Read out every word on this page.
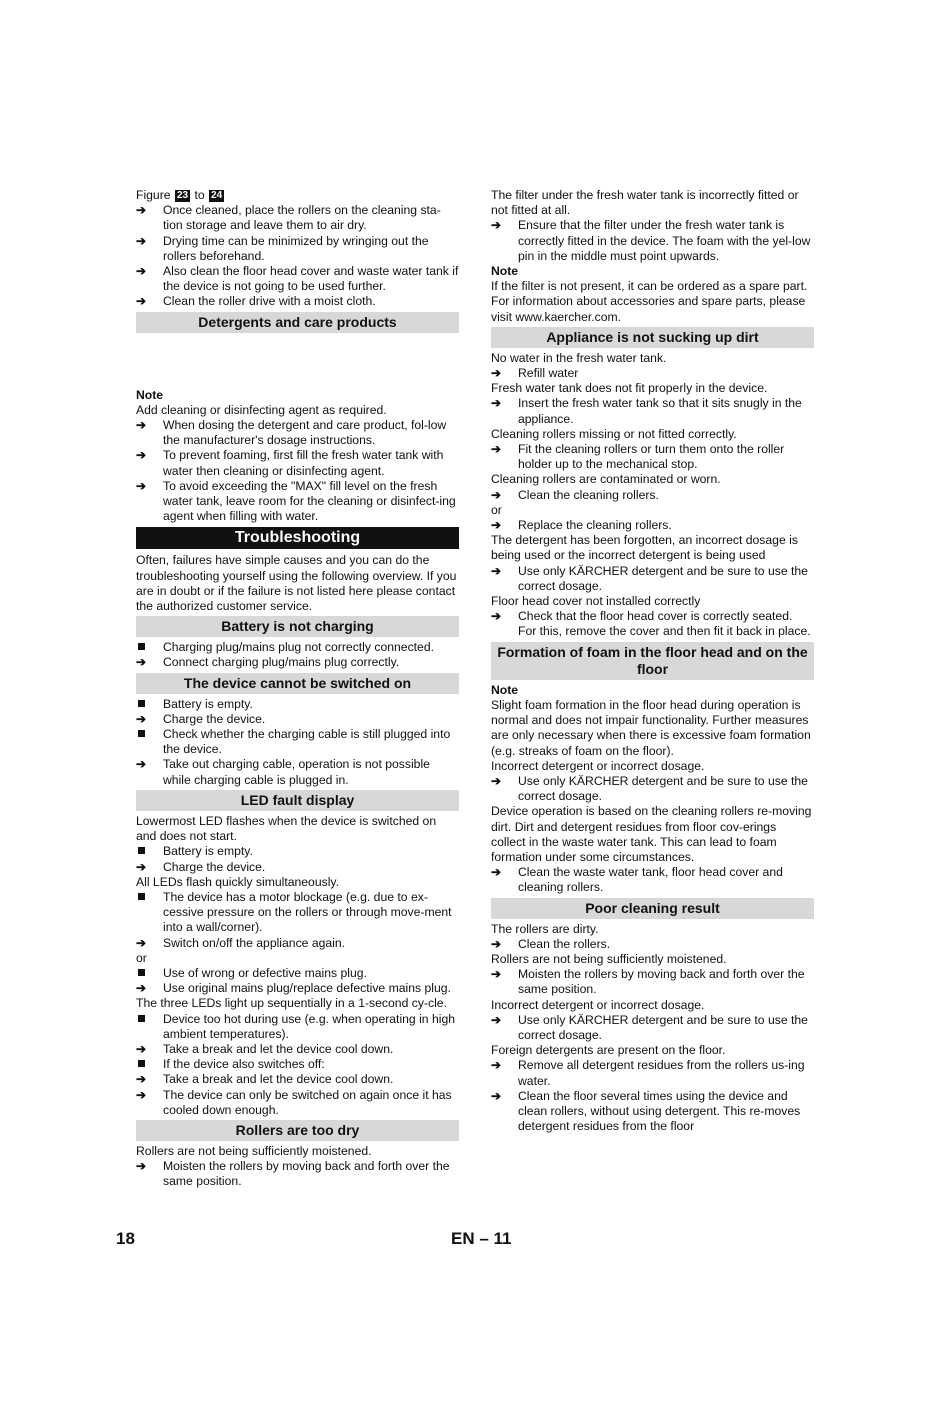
Figure 23 to 24

➔
Once cleaned, place the rollers on the cleaning sta-tion storage and leave them to air dry.

➔
Drying time can be minimized by wringing out the rollers beforehand.

➔
Also clean the floor head cover and waste water tank if the device is not going to be used further.

➔
Clean the roller drive with a moist cloth.

Detergents and care products

Note

Add cleaning or disinfecting agent as required.

➔
When dosing the detergent and care product, fol-low the manufacturer's dosage instructions.

➔
To prevent foaming, first fill the fresh water tank with water then cleaning or disinfecting agent.

➔
To avoid exceeding the "MAX" fill level on the fresh water tank, leave room for the cleaning or disinfect-ing agent when filling with water.

Troubleshooting

Often, failures have simple causes and you can do the troubleshooting yourself using the following overview. If you are in doubt or if the failure is not listed here please contact the authorized customer service.

Battery is not charging

Charging plug/mains plug not correctly connected.

➔
Connect charging plug/mains plug correctly.

The device cannot be switched on

Battery is empty.

➔
Charge the device.

Check whether the charging cable is still plugged into the device.

➔
Take out charging cable, operation is not possible while charging cable is plugged in.

LED fault display

Lowermost LED flashes when the device is switched on and does not start.

Battery is empty.

➔
Charge the device.

All LEDs flash quickly simultaneously.

The device has a motor blockage (e.g. due to ex-cessive pressure on the rollers or through move-ment into a wall/corner).

➔
Switch on/off the appliance again.

or

Use of wrong or defective mains plug.

➔
Use original mains plug/replace defective mains plug.

The three LEDs light up sequentially in a 1-second cy-cle.

Device too hot during use (e.g. when operating in high ambient temperatures).

➔
Take a break and let the device cool down.

If the device also switches off:

➔
Take a break and let the device cool down.

➔
The device can only be switched on again once it has cooled down enough.

Rollers are too dry

Rollers are not being sufficiently moistened.

➔
Moisten the rollers by moving back and forth over the same position.

The filter under the fresh water tank is incorrectly fitted or not fitted at all.

➔
Ensure that the filter under the fresh water tank is correctly fitted in the device. The foam with the yel-low pin in the middle must point upwards.

Note

If the filter is not present, it can be ordered as a spare part.

For information about accessories and spare parts, please visit www.kaercher.com.

Appliance is not sucking up dirt

No water in the fresh water tank.

➔
Refill water

Fresh water tank does not fit properly in the device.

➔
Insert the fresh water tank so that it sits snugly in the appliance.

Cleaning rollers missing or not fitted correctly.

➔
Fit the cleaning rollers or turn them onto the roller holder up to the mechanical stop.

Cleaning rollers are contaminated or worn.

➔
Clean the cleaning rollers.

or

➔
Replace the cleaning rollers.

The detergent has been forgotten, an incorrect dosage is being used or the incorrect detergent is being used

➔
Use only KÄRCHER detergent and be sure to use the correct dosage.

Floor head cover not installed correctly

➔
Check that the floor head cover is correctly seated. For this, remove the cover and then fit it back in place.

Formation of foam in the floor head and on the floor

Note

Slight foam formation in the floor head during operation is normal and does not impair functionality. Further measures are only necessary when there is excessive foam formation (e.g. streaks of foam on the floor).

Incorrect detergent or incorrect dosage.

➔
Use only KÄRCHER detergent and be sure to use the correct dosage.

Device operation is based on the cleaning rollers re-moving dirt. Dirt and detergent residues from floor cov-erings collect in the waste water tank. This can lead to foam formation under some circumstances.

➔
Clean the waste water tank, floor head cover and cleaning rollers.

Poor cleaning result

The rollers are dirty.

➔
Clean the rollers.

Rollers are not being sufficiently moistened.

➔
Moisten the rollers by moving back and forth over the same position.

Incorrect detergent or incorrect dosage.

➔
Use only KÄRCHER detergent and be sure to use the correct dosage.

Foreign detergents are present on the floor.

➔
Remove all detergent residues from the rollers us-ing water.

➔
Clean the floor several times using the device and clean rollers, without using detergent. This re-moves detergent residues from the floor

18	EN – 11
